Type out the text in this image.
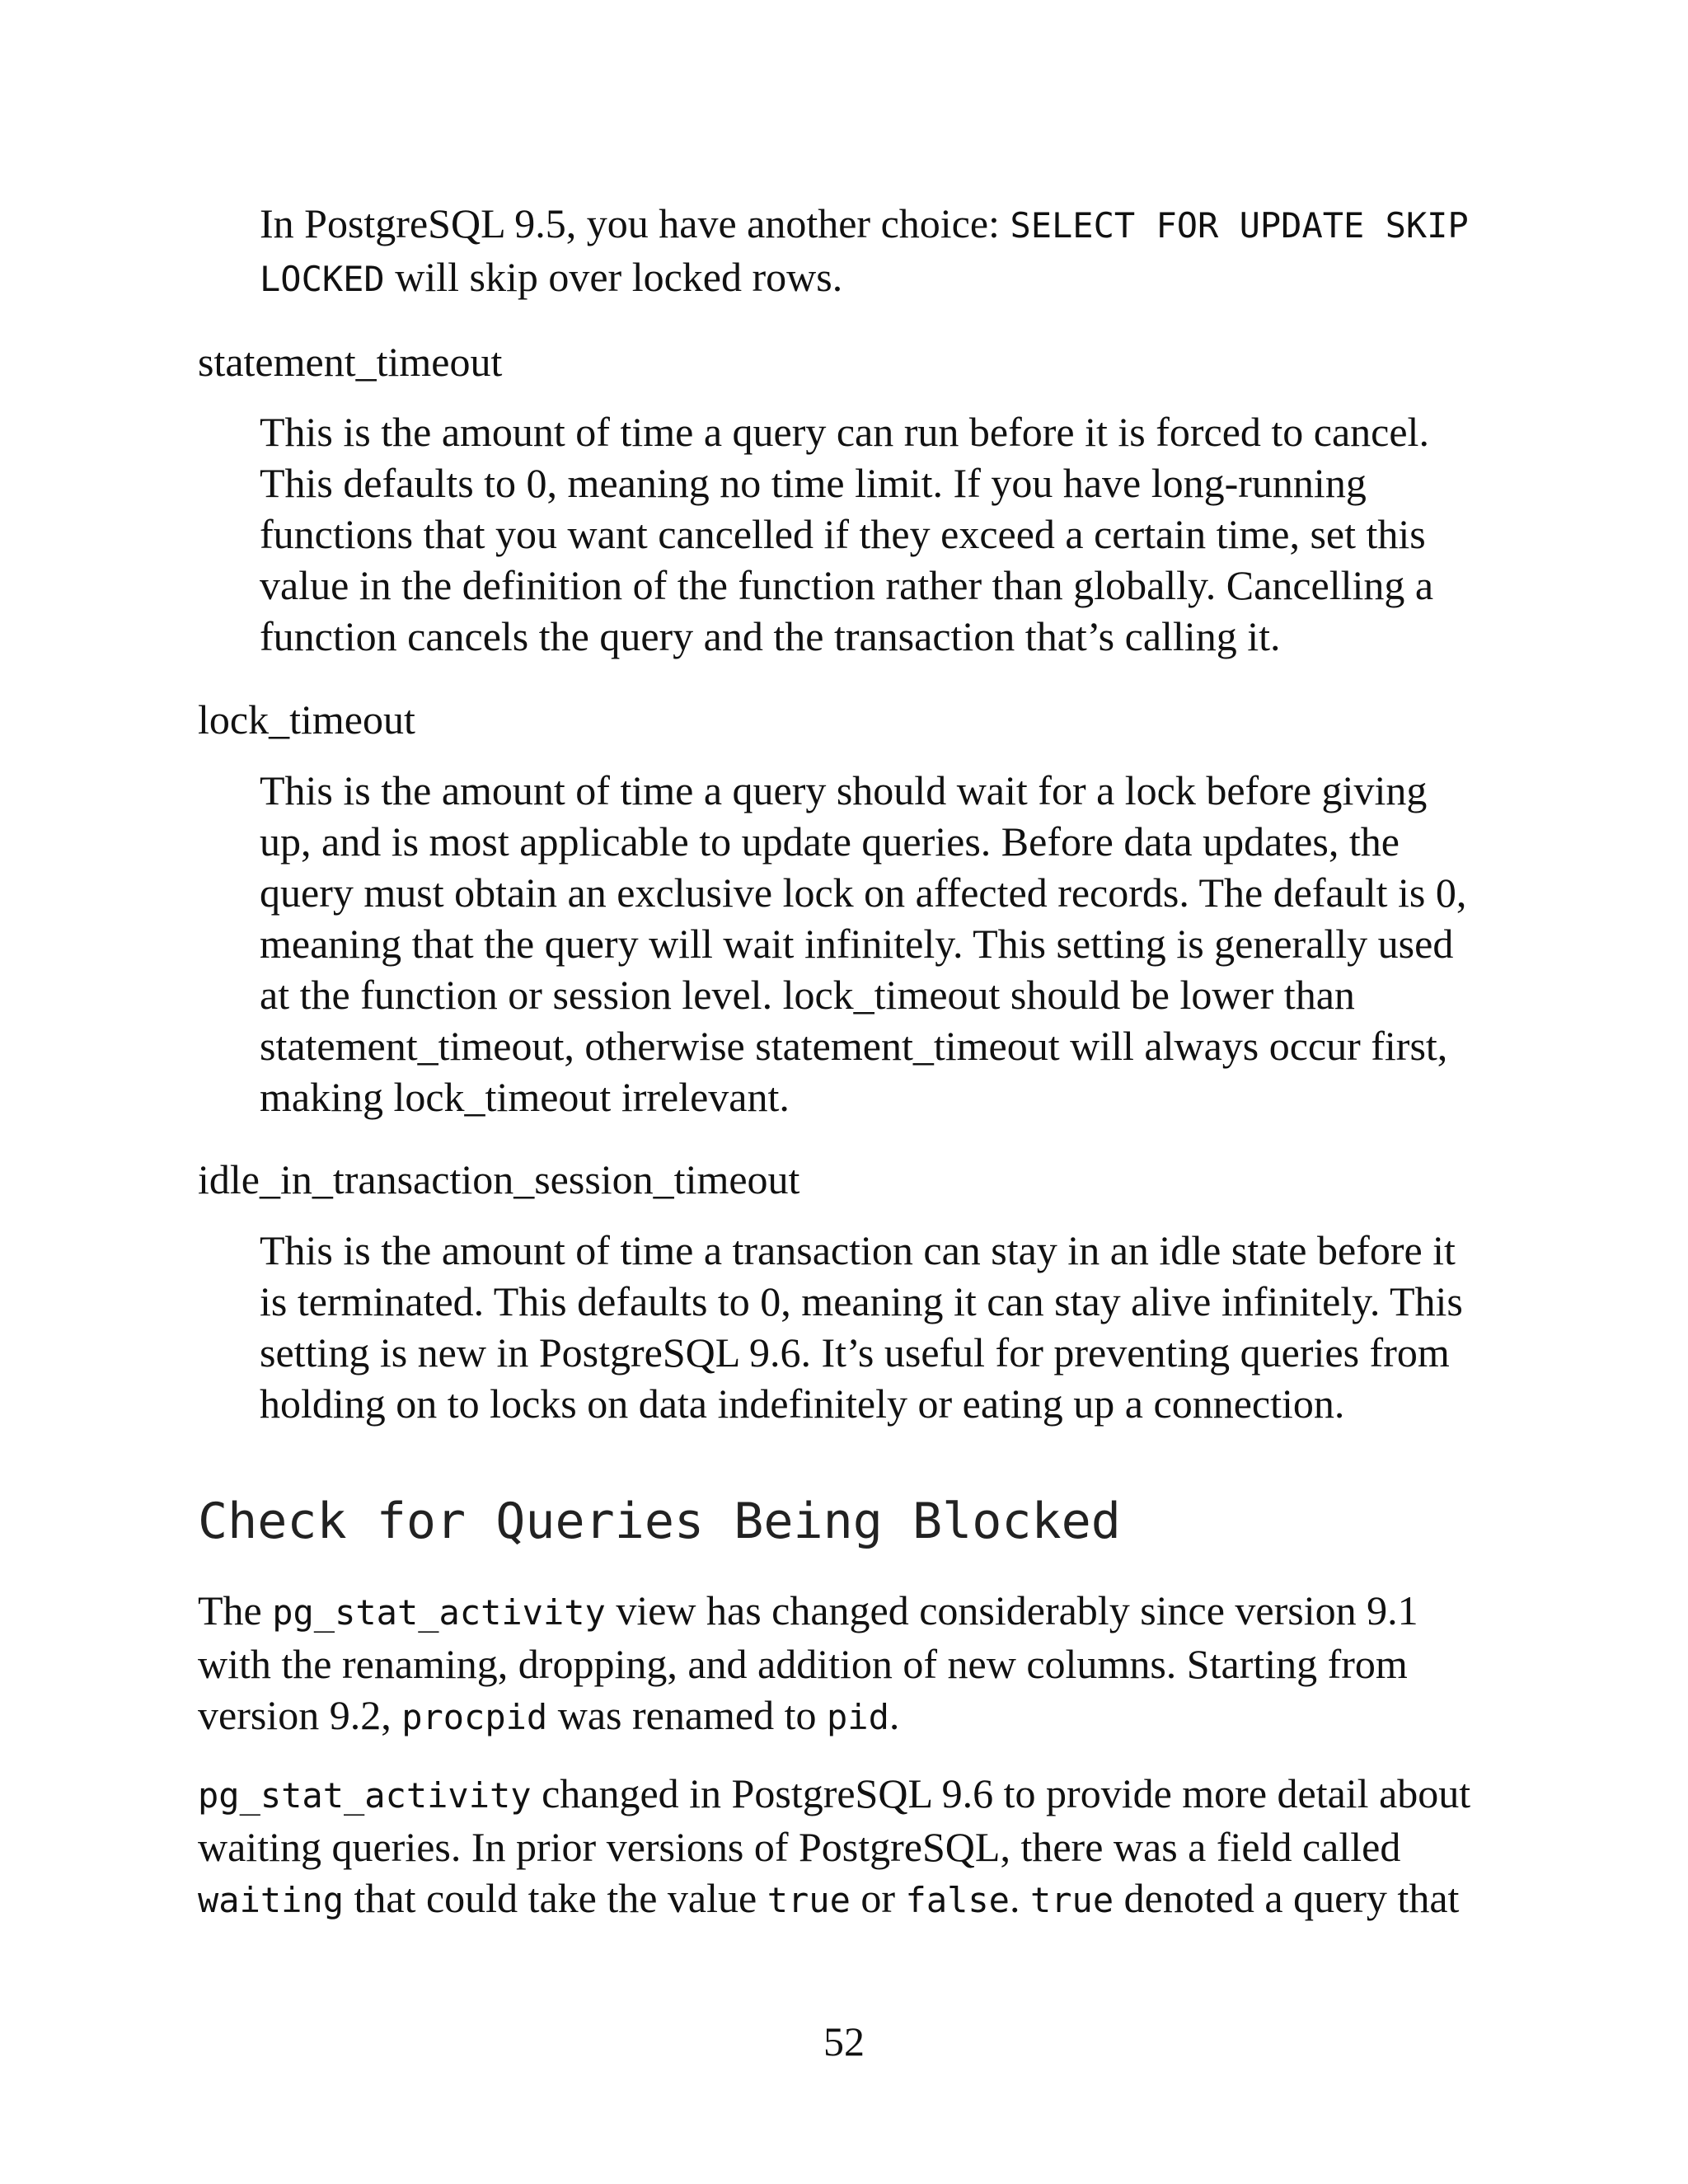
In PostgreSQL 9.5, you have another choice: SELECT FOR UPDATE SKIP

LOCKED will skip over locked rows.

statement_timeout

This is the amount of time a query can run before it is forced to cancel.

This defaults to 0, meaning no time limit. If you have long-running

functions that you want cancelled if they exceed a certain time, set this

value in the definition of the function rather than globally. Cancelling a

function cancels the query and the transaction that’s calling it.

lock_timeout

This is the amount of time a query should wait for a lock before giving

up, and is most applicable to update queries. Before data updates, the

query must obtain an exclusive lock on affected records. The default is 0,

meaning that the query will wait infinitely. This setting is generally used

at the function or session level. lock_timeout should be lower than

statement_timeout, otherwise statement_timeout will always occur first,

making lock_timeout irrelevant.

idle_in_transaction_session_timeout

This is the amount of time a transaction can stay in an idle state before it

is terminated. This defaults to 0, meaning it can stay alive infinitely. This

setting is new in PostgreSQL 9.6. It’s useful for preventing queries from

holding on to locks on data indefinitely or eating up a connection.

Check for Queries Being Blocked

The pg_stat_activity view has changed considerably since version 9.1

with the renaming, dropping, and addition of new columns. Starting from

version 9.2, procpid was renamed to pid.

pg_stat_activity changed in PostgreSQL 9.6 to provide more detail about

waiting queries. In prior versions of PostgreSQL, there was a field called

waiting that could take the value true or false. true denoted a query that

52
